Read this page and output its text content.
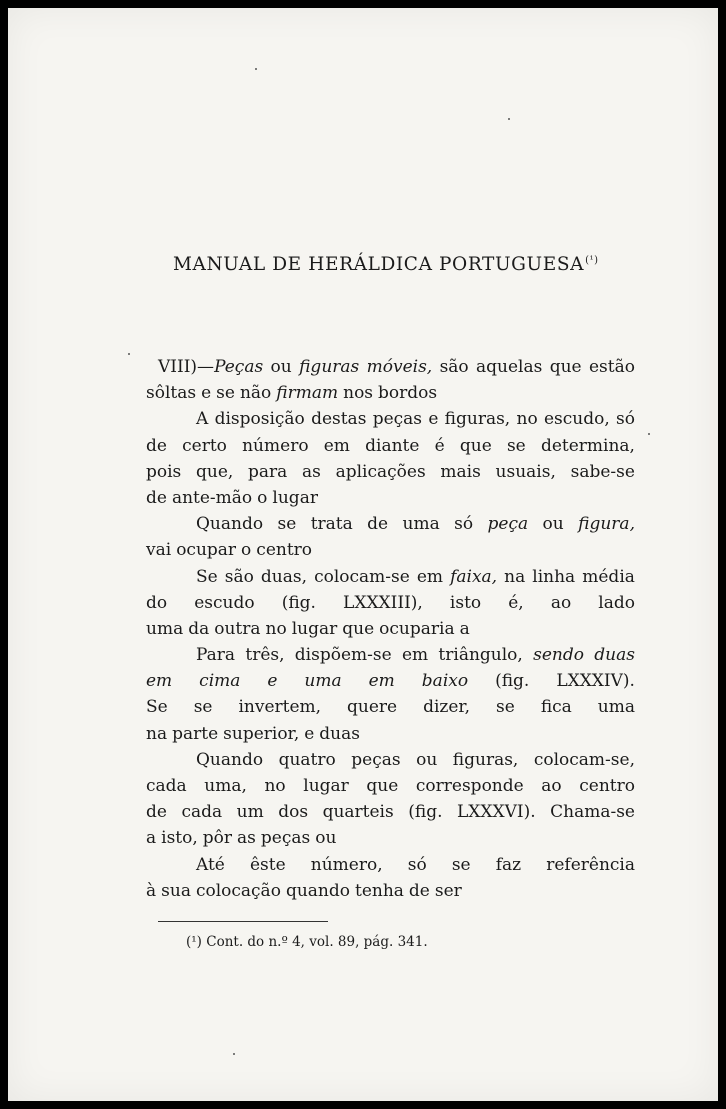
MANUAL DE HERÁLDICA $PORTUGUESA^{(^1)}$
VIII)—Peças ou figuras móveis, são aquelas que estão
sôltas e se não firmam nos bordos
A disposição destas peças e figuras, no escudo, só
de certo número em diante é que se determina,
pois que, para as aplicações mais usuais, sabe-se
de ante-mão o lugar
Quando se trata de uma só peça ou figura,
vai ocupar o centro
Se são duas, colocam-se em faixa, na linha média
do escudo (fig. LXXXIII), isto é, ao lado
uma da outra no lugar que ocuparia a
Para três, dispõem-se em triângulo, sendo duas
em cima e uma em baixo (fig. LXXXIV).
Se se invertem, quere dizer, se fica uma
na parte superior, e duas
Quando quatro peças ou figuras, colocam-se,
cada uma, no lugar que corresponde ao centro
de cada um dos quarteis (fig. LXXXVI). Chama-se
a isto, pôr as peças ou
Até êste número, só se faz referência
à sua colocação quando tenha de ser
(¹) Cont. do n.º 4, vol. 89, pág. 341.
